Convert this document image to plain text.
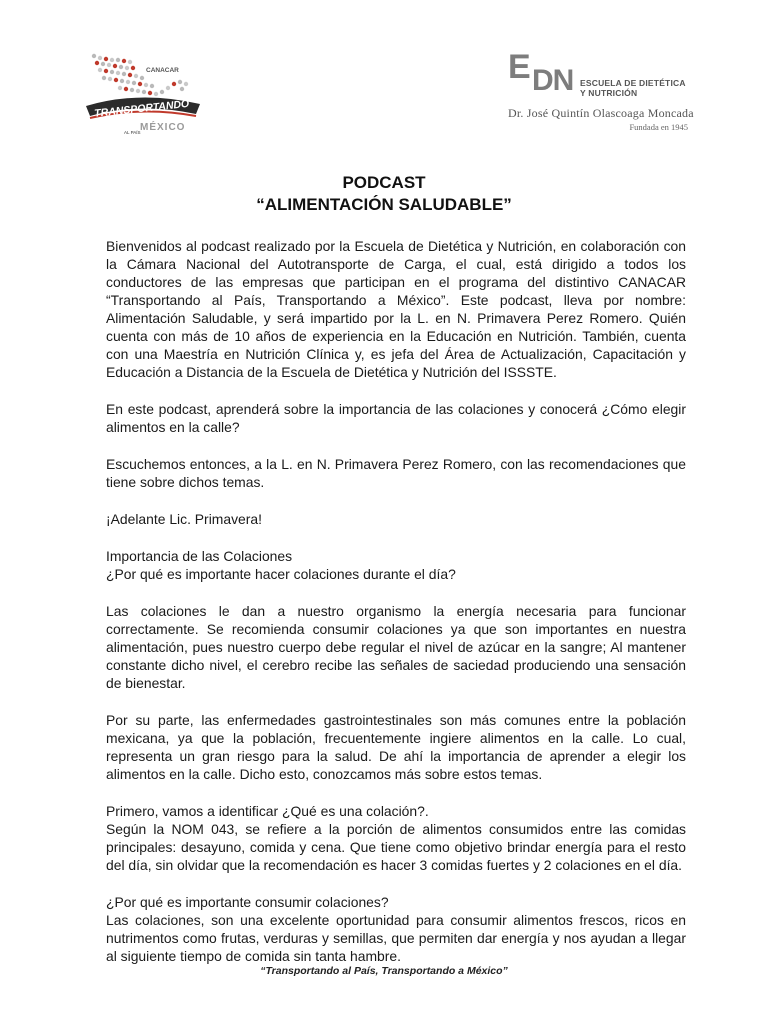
CANACAR
TRANSPORTANDO
MÉXICO
AL PAÍS
E DN ESCUELA DE DIETÉTICA
Y NUTRICIÓN
Dr. José Quintín Olascoaga Moncada
Fundada en 1945
PODCAST
“ALIMENTACIÓN SALUDABLE”

Bienvenidos al podcast realizado por la Escuela de Dietética y Nutrición, en colaboración con la Cámara Nacional del Autotransporte de Carga, el cual, está dirigido a todos los conductores de las empresas que participan en el programa del distintivo CANACAR “Transportando al País, Transportando a México”. Este podcast, lleva por nombre: Alimentación Saludable, y será impartido por la L. en N. Primavera Perez Romero. Quién cuenta con más de 10 años de experiencia en la Educación en Nutrición. También, cuenta con una Maestría en Nutrición Clínica y, es jefa del Área de Actualización, Capacitación y Educación a Distancia de la Escuela de Dietética y Nutrición del ISSSTE.

En este podcast, aprenderá sobre la importancia de las colaciones y conocerá ¿Cómo elegir alimentos en la calle?

Escuchemos entonces, a la L. en N. Primavera Perez Romero, con las recomendaciones que tiene sobre dichos temas.

¡Adelante Lic. Primavera!

Importancia de las Colaciones
¿Por qué es importante hacer colaciones durante el día?

Las colaciones le dan a nuestro organismo la energía necesaria para funcionar correctamente. Se recomienda consumir colaciones ya que son importantes en nuestra alimentación, pues nuestro cuerpo debe regular el nivel de azúcar en la sangre; Al mantener constante dicho nivel, el cerebro recibe las señales de saciedad produciendo una sensación de bienestar.

Por su parte, las enfermedades gastrointestinales son más comunes entre la población mexicana, ya que la población, frecuentemente ingiere alimentos en la calle. Lo cual, representa un gran riesgo para la salud. De ahí la importancia de aprender a elegir los alimentos en la calle. Dicho esto, conozcamos más sobre estos temas.

Primero, vamos a identificar ¿Qué es una colación?.
Según la NOM 043, se refiere a la porción de alimentos consumidos entre las comidas principales: desayuno, comida y cena. Que tiene como objetivo brindar energía para el resto del día, sin olvidar que la recomendación es hacer 3 comidas fuertes y 2 colaciones en el día.

¿Por qué es importante consumir colaciones?
Las colaciones, son una excelente oportunidad para consumir alimentos frescos, ricos en nutrimentos como frutas, verduras y semillas, que permiten dar energía y nos ayudan a llegar al siguiente tiempo de comida sin tanta hambre.

“Transportando al País, Transportando a México”
